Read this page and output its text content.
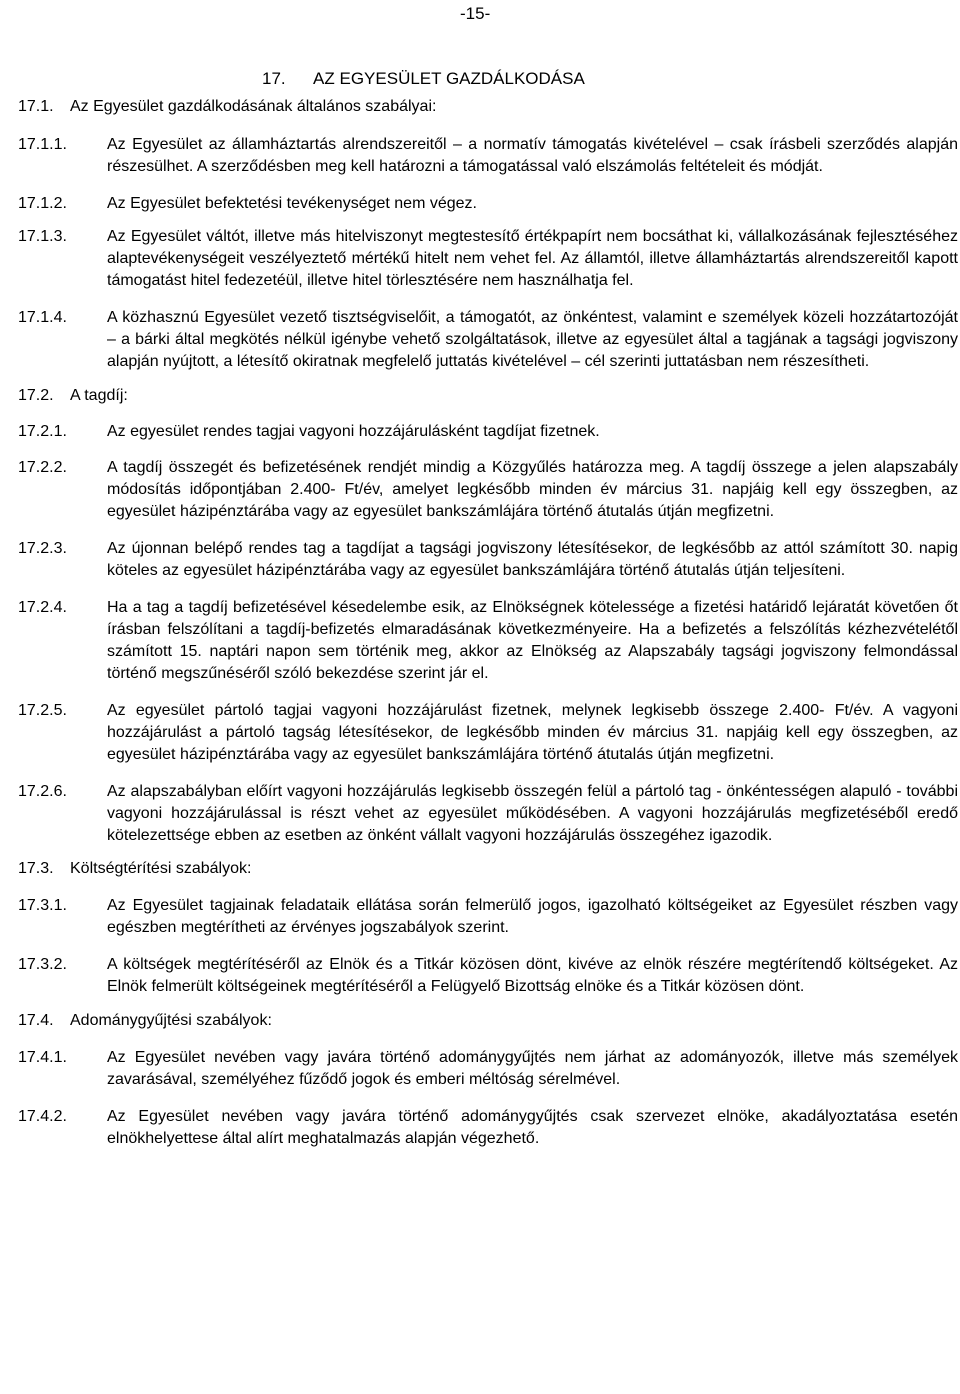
-15-
17. AZ EGYESÜLET GAZDÁLKODÁSA
17.1.	Az Egyesület gazdálkodásának általános szabályai:
17.1.1.	Az Egyesület az államháztartás alrendszereitől – a normatív támogatás kivételével – csak írásbeli szerződés alapján részesülhet. A szerződésben meg kell határozni a támogatással való elszámolás feltételeit és módját.
17.1.2.	Az Egyesület befektetési tevékenységet nem végez.
17.1.3.	Az Egyesület váltót, illetve más hitelviszonyt megtestesítő értékpapírt nem bocsáthat ki, vállalkozásának fejlesztéséhez alaptevékenységeit veszélyeztető mértékű hitelt nem vehet fel. Az államtól, illetve államháztartás alrendszereitől kapott támogatást hitel fedezetéül, illetve hitel törlesztésére nem használhatja fel.
17.1.4.	A közhasznú Egyesület vezető tisztségviselőit, a támogatót, az önkéntest, valamint e személyek közeli hozzátartozóját – a bárki által megkötés nélkül igénybe vehető szolgáltatások, illetve az egyesület által a tagjának a tagsági jogviszony alapján nyújtott, a létesítő okiratnak megfelelő juttatás kivételével – cél szerinti juttatásban nem részesítheti.
17.2.	A tagdíj:
17.2.1.	Az egyesület rendes tagjai vagyoni hozzájárulásként tagdíjat fizetnek.
17.2.2.	A tagdíj összegét és befizetésének rendjét mindig a Közgyűlés határozza meg. A tagdíj összege a jelen alapszabály módosítás időpontjában 2.400- Ft/év, amelyet legkésőbb minden év március 31. napjáig kell egy összegben, az egyesület házipénztárába vagy az egyesület bankszámlájára történő átutalás útján megfizetni.
17.2.3.	Az újonnan belépő rendes tag a tagdíjat a tagsági jogviszony létesítésekor, de legkésőbb az attól számított 30. napig köteles az egyesület házipénztárába vagy az egyesület bankszámlájára történő átutalás útján teljesíteni.
17.2.4.	Ha a tag a tagdíj befizetésével késedelembe esik, az Elnökségnek kötelessége a fizetési határidő lejáratát követően őt írásban felszólítani a tagdíj-befizetés elmaradásának következményeire. Ha a befizetés a felszólítás kézhezvételétől számított 15. naptári napon sem történik meg, akkor az Elnökség az Alapszabály tagsági jogviszony felmondással történő megszűnéséről szóló bekezdése szerint jár el.
17.2.5.	Az egyesület pártoló tagjai vagyoni hozzájárulást fizetnek, melynek legkisebb összege 2.400- Ft/év. A vagyoni hozzájárulást a pártoló tagság létesítésekor, de legkésőbb minden év március 31. napjáig kell egy összegben, az egyesület házipénztárába vagy az egyesület bankszámlájára történő átutalás útján megfizetni.
17.2.6.	Az alapszabályban előírt vagyoni hozzájárulás legkisebb összegén felül a pártoló tag - önkéntességen alapuló - további vagyoni hozzájárulással is részt vehet az egyesület működésében. A vagyoni hozzájárulás megfizetéséből eredő kötelezettsége ebben az esetben az önként vállalt vagyoni hozzájárulás összegéhez igazodik.
17.3.	Költségtérítési szabályok:
17.3.1.	Az Egyesület tagjainak feladataik ellátása során felmerülő jogos, igazolható költségeiket az Egyesület részben vagy egészben megtérítheti az érvényes jogszabályok szerint.
17.3.2.	A költségek megtérítéséről az Elnök és a Titkár közösen dönt, kivéve az elnök részére megtérítendő költségeket. Az Elnök felmerült költségeinek megtérítéséről a Felügyelő Bizottság elnöke és a Titkár közösen dönt.
17.4.	Adománygyűjtési szabályok:
17.4.1.	Az Egyesület nevében vagy javára történő adománygyűjtés nem járhat az adományozók, illetve más személyek zavarásával, személyéhez fűződő jogok és emberi méltóság sérelmével.
17.4.2.	Az Egyesület nevében vagy javára történő adománygyűjtés csak szervezet elnöke, akadályoztatása esetén elnökhelyettese által alírt meghatalmazás alapján végezhető.
